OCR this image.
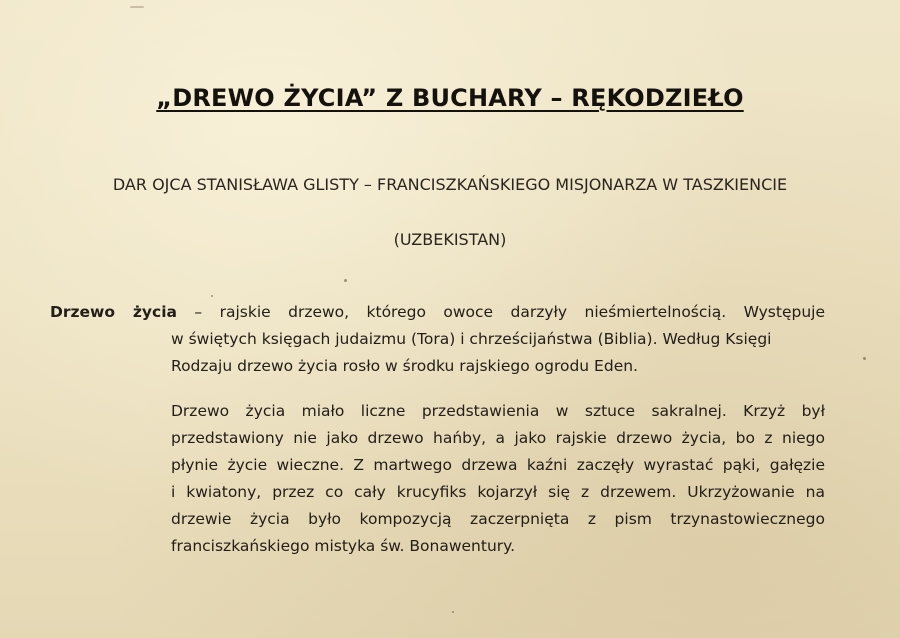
„DREWO ŻYCIA” Z BUCHARY – RĘKODZIEŁO
DAR OJCA STANISŁAWA GLISTY – FRANCISZKAŃSKIEGO MISJONARZA W TASZKIENCIE
(UZBEKISTAN)
Drzewo życia – rajskie drzewo, którego owoce darzyły nieśmiertelnością. Występuje
w świętych księgach judaizmu (Tora) i chrześcijaństwa (Biblia). Według Księgi
Rodzaju drzewo życia rosło w środku rajskiego ogrodu Eden.
Drzewo życia miało liczne przedstawienia w sztuce sakralnej. Krzyż był
przedstawiony nie jako drzewo hańby, a jako rajskie drzewo życia, bo z niego
płynie życie wieczne. Z martwego drzewa kaźni zaczęły wyrastać pąki, gałęzie
i kwiatony, przez co cały krucyfiks kojarzył się z drzewem. Ukrzyżowanie na
drzewie życia było kompozycją zaczerpnięta z pism trzynastowiecznego
franciszkańskiego mistyka św. Bonawentury.
